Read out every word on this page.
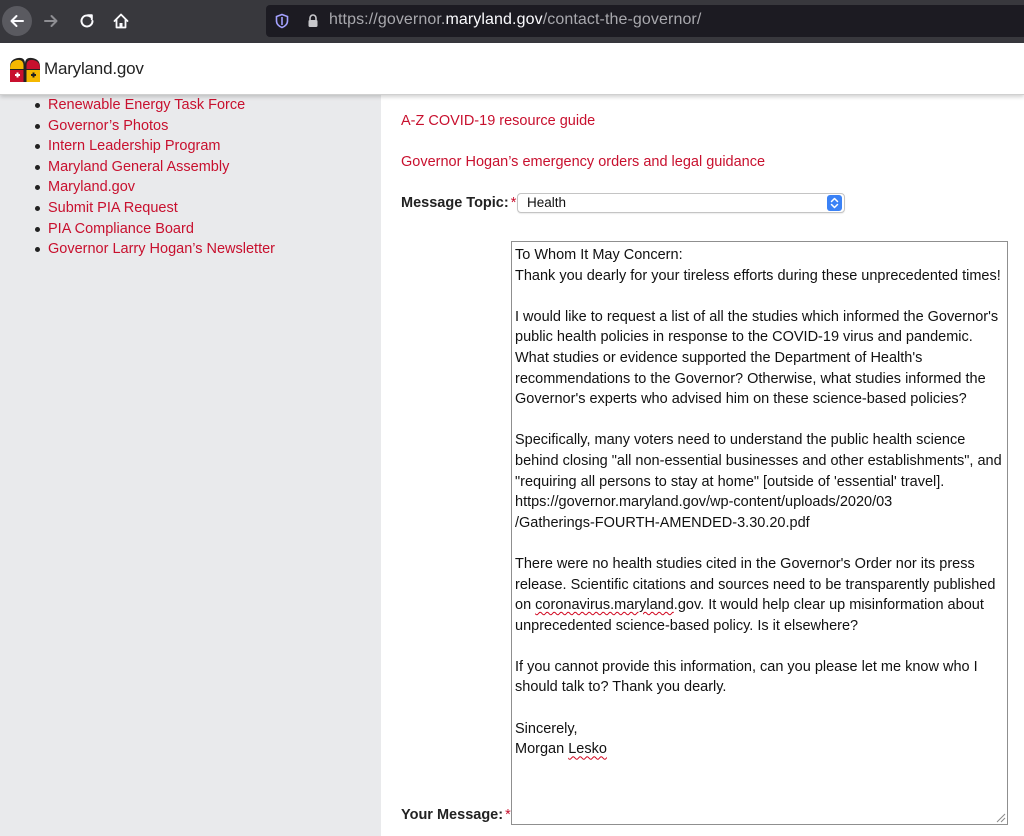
https://governor.maryland.gov/contact-the-governor/
Maryland.gov
Renewable Energy Task Force
Governor’s Photos
Intern Leadership Program
Maryland General Assembly
Maryland.gov
Submit PIA Request
PIA Compliance Board
Governor Larry Hogan’s Newsletter
A-Z COVID-19 resource guide
Governor Hogan’s emergency orders and legal guidance
Message Topic: * Health
To Whom It May Concern:
Thank you dearly for your tireless efforts during these unprecedented times!

I would like to request a list of all the studies which informed the Governor's public health policies in response to the COVID-19 virus and pandemic. What studies or evidence supported the Department of Health's recommendations to the Governor? Otherwise, what studies informed the Governor's experts who advised him on these science-based policies?

Specifically, many voters need to understand the public health science behind closing "all non-essential businesses and other establishments", and "requiring all persons to stay at home" [outside of 'essential' travel].
https://governor.maryland.gov/wp-content/uploads/2020/03
/Gatherings-FOURTH-AMENDED-3.30.20.pdf

There were no health studies cited in the Governor's Order nor its press release. Scientific citations and sources need to be transparently published on coronavirus.maryland.gov. It would help clear up misinformation about unprecedented science-based policy. Is it elsewhere?

If you cannot provide this information, can you please let me know who I should talk to? Thank you dearly.

Sincerely,
Morgan Lesko
Your Message: *
